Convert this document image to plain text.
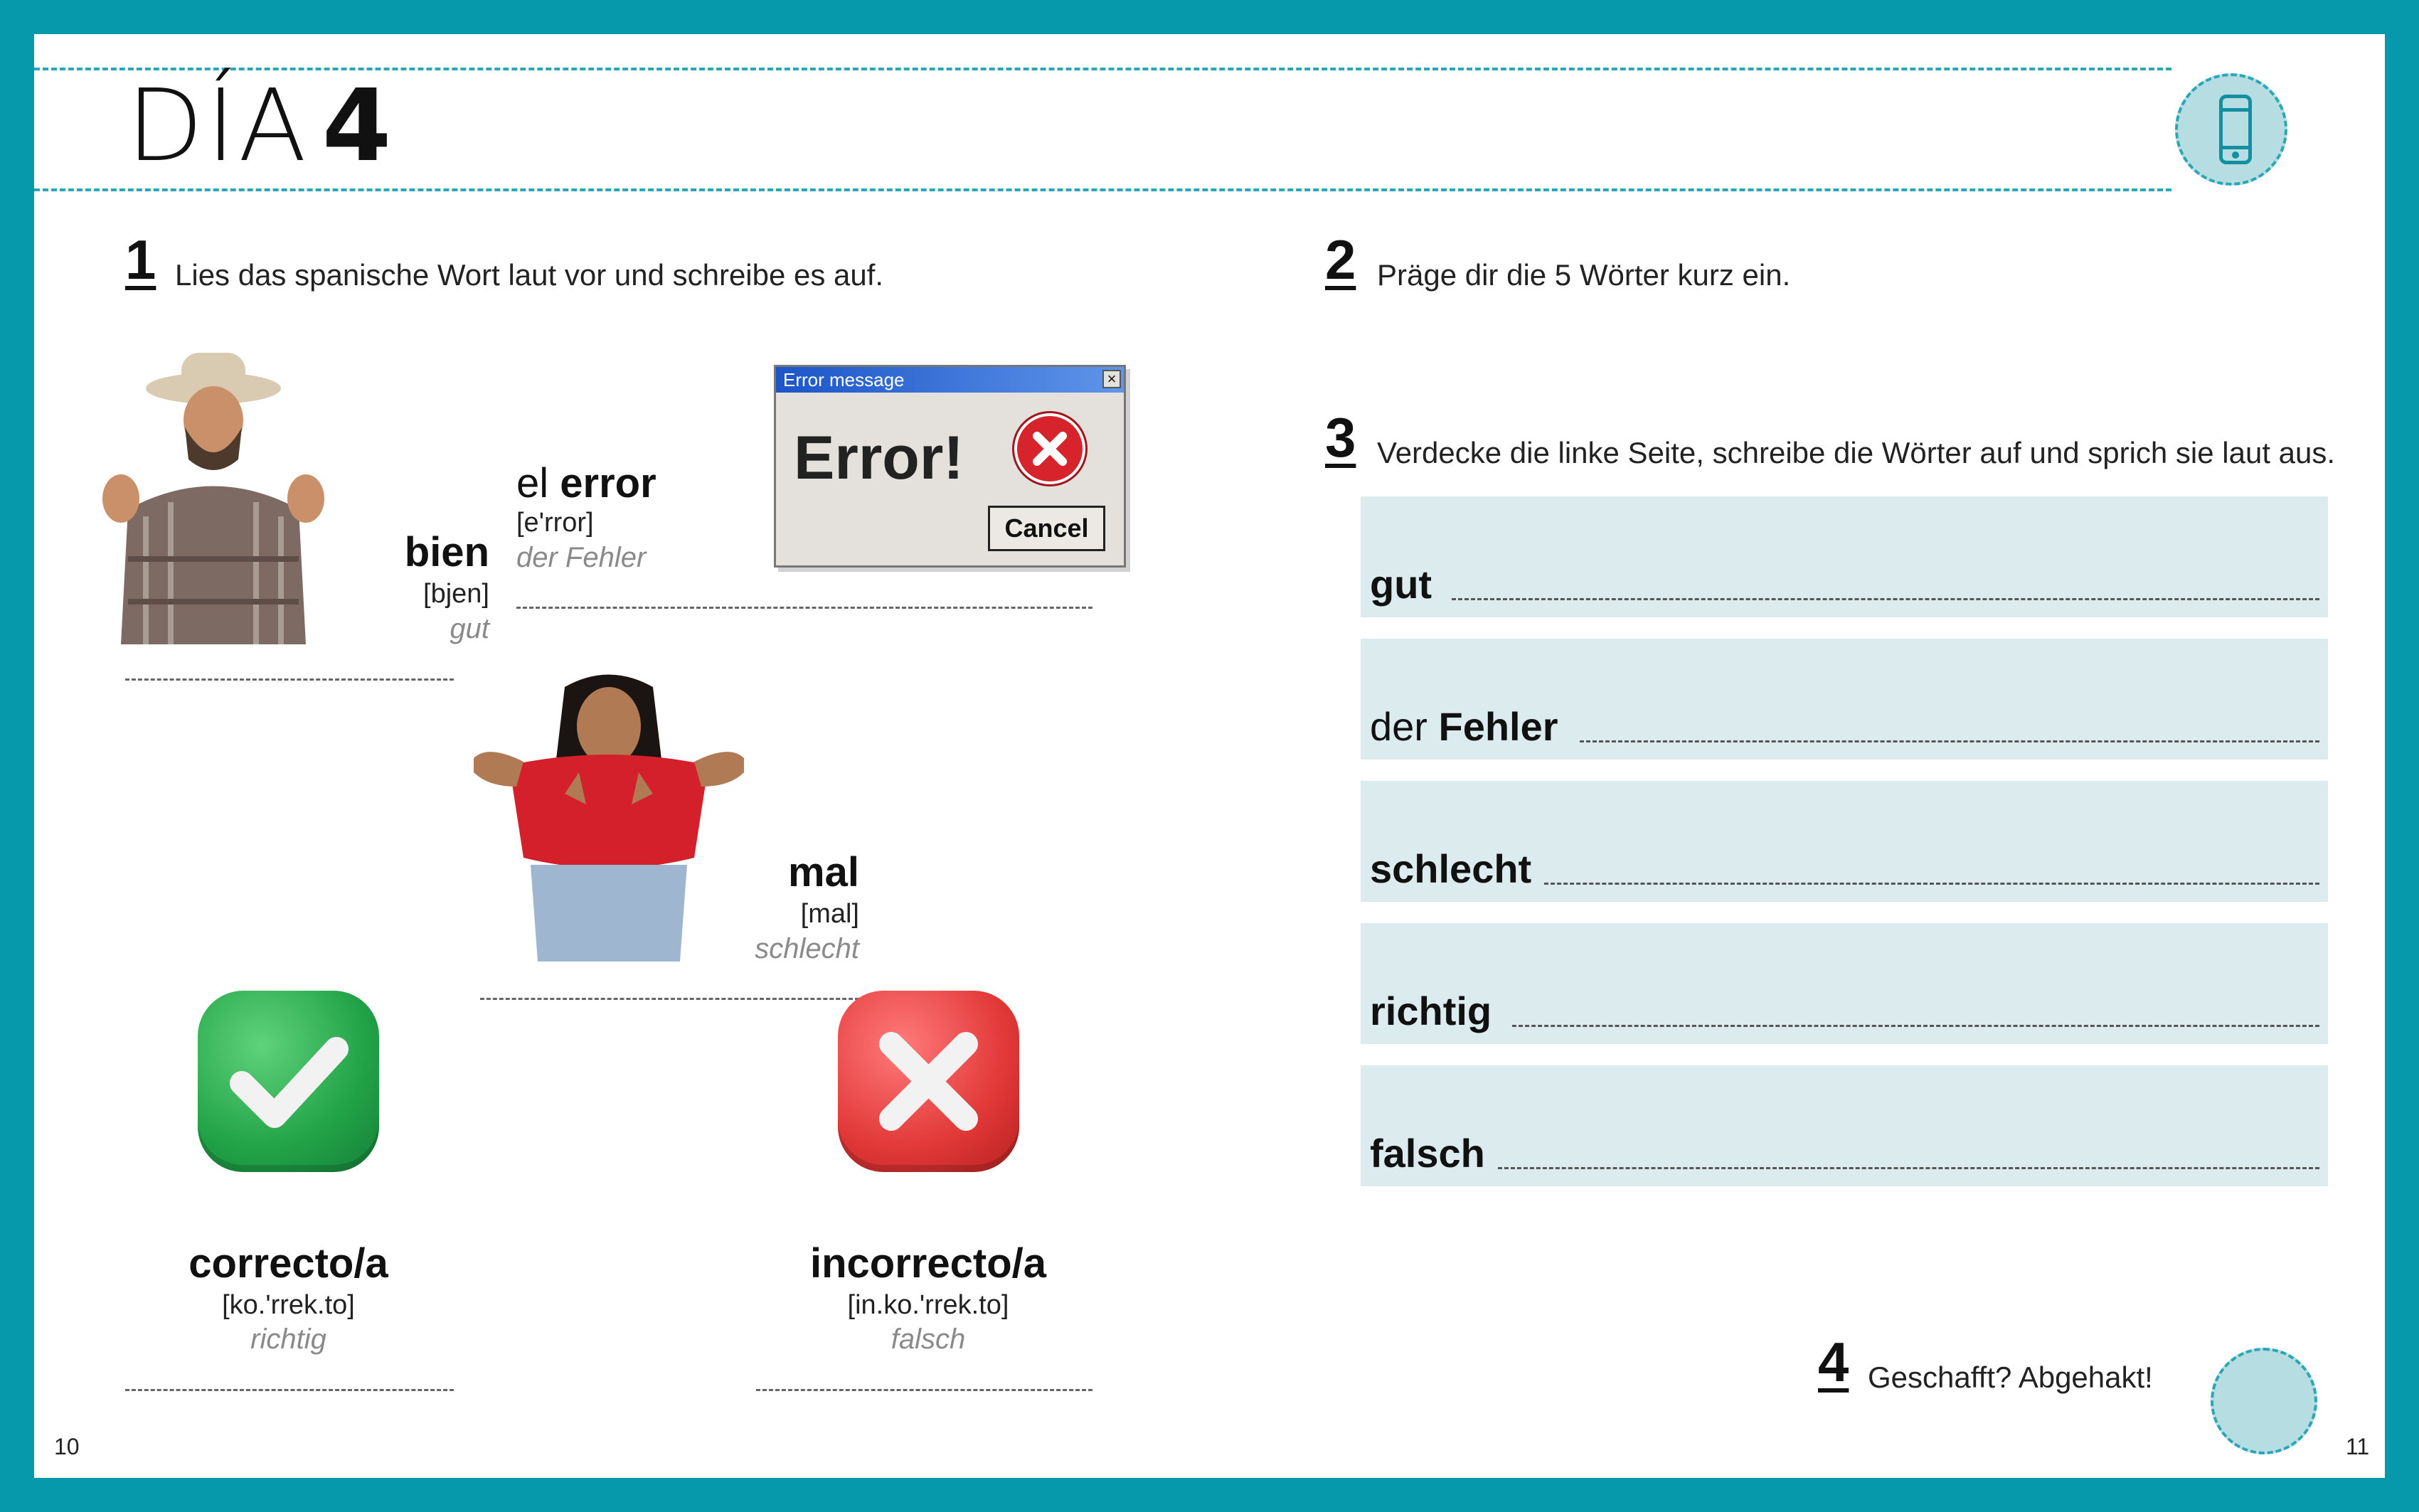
DÍA 4
1 Lies das spanische Wort laut vor und schreibe es auf.
bien
[bjen]
gut
el error
[e'rror]
der Fehler
Error message	×
Error!
Cancel
mal
[mal]
schlecht
correcto/a
[ko.'rrek.to]
richtig
incorrecto/a
[in.ko.'rrek.to]
falsch
2 Präge dir die 5 Wörter kurz ein.
3 Verdecke die linke Seite, schreibe die Wörter auf und sprich sie laut aus.
gut
der Fehler
schlecht
richtig
falsch
4 Geschafft? Abgehakt!
10	11
